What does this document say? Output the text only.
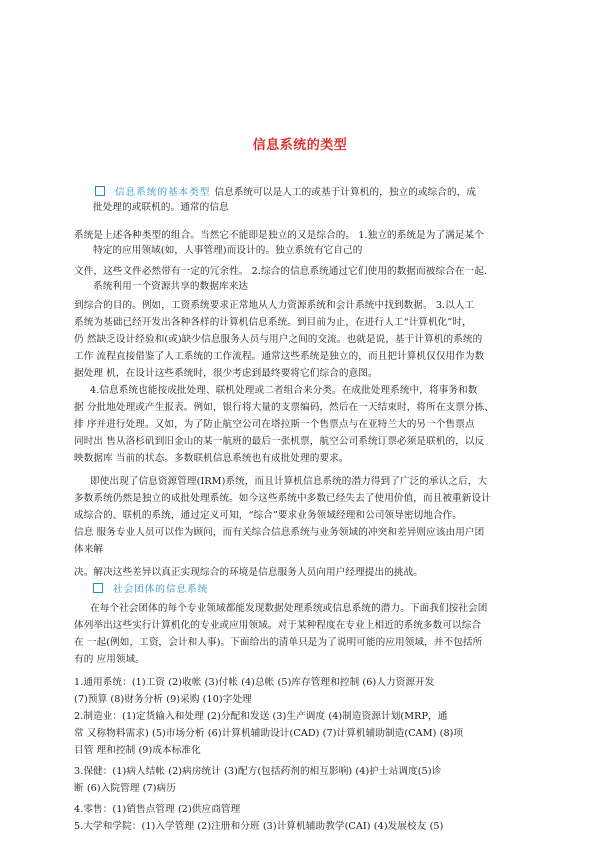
信息系统的类型
信息系统的基本类型 信息系统可以是人工的或基于计算机的，独立的或综合的，成
批处理的或联机的。通常的信息
系统是上述各种类型的组合。当然它不能即是独立的又是综合的。 1.独立的系统是为了满足某个
特定的应用领域(如，人事管理)而设计的。独立系统有它自己的
文件，这些文件必然带有一定的冗余性。 2.综合的信息系统通过它们使用的数据而被综合在一起．
系统利用一个资源共享的数据库来达
到综合的目的。例如，工资系统要求正常地从人力资源系统和会计系统中找到数据。 3.以人工
系统为基础已经开发出各种各样的计算机信息系统。到目前为止，在进行人工“计算机化”时，
仍 然缺乏设计经验和(或)缺少信息服务人员与用户之间的交流。也就是说，基于计算机的系统的
工作 流程直接借鉴了人工系统的工作流程。通常这些系统是独立的，而且把计算机仅仅用作为数
据处理 机，在设计这些系统时，很少考虑到最终要将它们综合的意图。
4.信息系统也能按成批处理、联机处理或二者组合来分类。在成批处理系统中，将事务和数
据 分批地处理或产生报表。例如，银行将大量的支票编码，然后在一天结束时，将所在支票分拣、
排 序并进行处理。又如，为了防止航空公司在塔拉斯一个售票点与在亚特兰大的另一个售票点
同时出 售从洛杉矶到旧金山的某一航班的最后一张机票，航空公司系统订票必须是联机的，以反
映数据库 当前的状态。多数联机信息系统也有成批处理的要求。
即使出现了信息资源管理(IRM)系统，而且计算机信息系统的潜力得到了广泛的承认之后，大
多数系统仍然是独立的成批处理系统。如今这些系统中多数已经失去了使用价值，而且被重新设计
成综合的、联机的系统，通过定义可知，“综合”要求业务领域经理和公司领导密切地合作。
信息 服务专业人员可以作为顾问，而有关综合信息系统与业务领域的冲突和差异则应该由用户团
体来解
决。解决这些差异以真正实现综合的环境是信息服务人员向用户经理提出的挑战。
社会团体的信息系统
在每个社会团体的每个专业领域都能发现数据处理系统或信息系统的潜力。下面我们按社会团
体列举出这些实行计算机化的专业或应用领域。对于某种程度在专业上相近的系统多数可以综合
在 一起(例如，工资，会计和人事)。下面给出的清单只是为了说明可能的应用领域，并不包括所
有的 应用领域。
1.通用系统：(1)工资 (2)收帐 (3)付帐 (4)总帐 (5)库存管理和控制 (6)人力资源开发
(7)预算 (8)财务分析 (9)采购 (10)字处理
2.制造业：(1)定货输入和处理 (2)分配和发送 (3)生产调度 (4)制造资源计划(MRP，通
常 又称物料需求) (5)市场分析 (6)计算机辅助设计(CAD) (7)计算机辅助制造(CAM) (8)项
目管 理和控制 (9)成本标准化
3.保健：(1)病人结帐 (2)病房统计 (3)配方(包括药剂的相互影响) (4)护士站调度(5)诊
断 (6)入院管理 (7)病历
4.零售：(1)销售点管理 (2)供应商管理
5.大学和学院：(1)入学管理 (2)注册和分班 (3)计算机辅助教学(CAI) (4)发展校友 (5)
